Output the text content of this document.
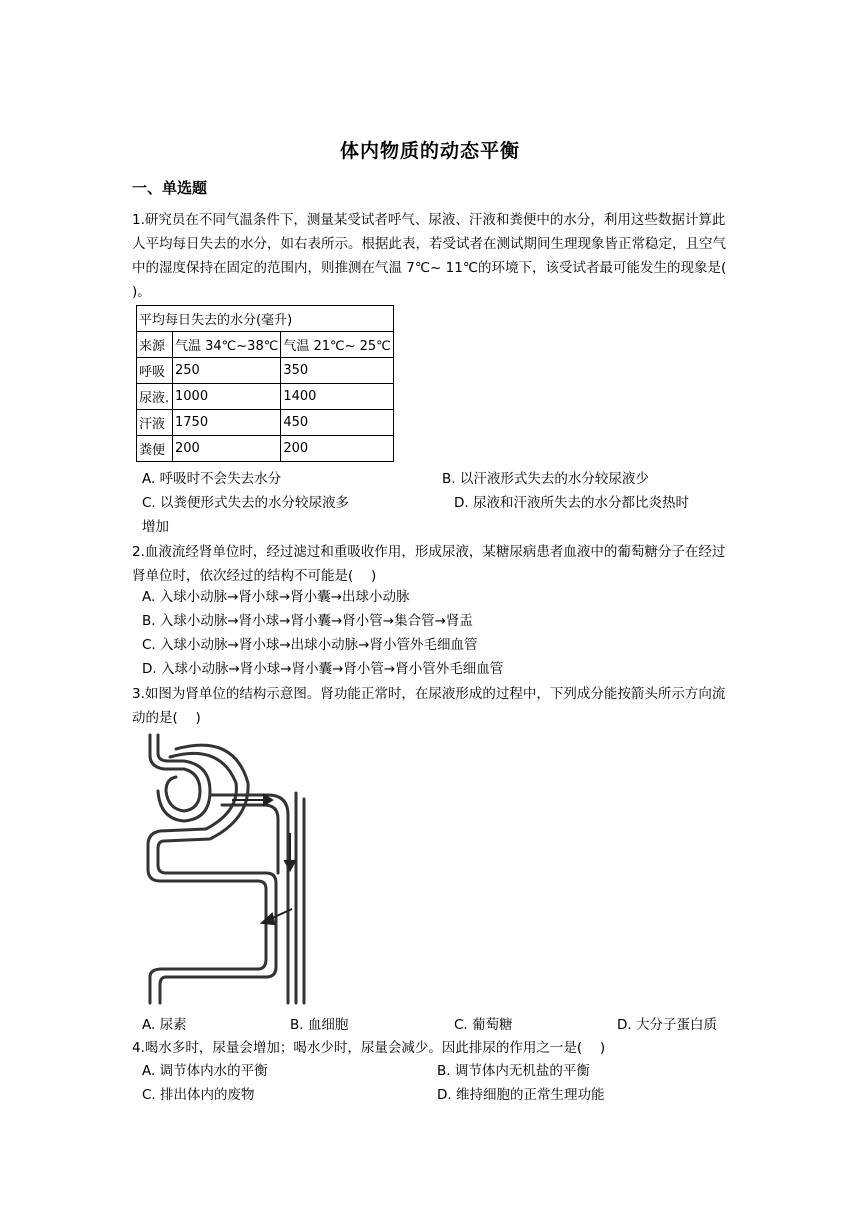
体内物质的动态平衡
一、单选题
1.研究员在不同气温条件下，测量某受试者呼气、尿液、汗液和粪便中的水分，利用这些数据计算此人平均每日失去的水分，如右表所示。根据此表，若受试者在测试期间生理现象皆正常稳定，且空气中的湿度保持在固定的范围内，则推测在气温 7℃~ 11℃的环境下，该受试者最可能发生的现象是(　 )。
平均每日失去的水分(毫升)		
来源	气温 34℃~38℃	气温 21℃~ 25℃
呼吸	250	350
尿液.	1000	1400
汗液	1750	450
粪便	200	200
A. 呼吸时不会失去水分	B. 以汗液形式失去的水分较尿液少
C. 以粪便形式失去的水分较尿液多	D. 尿液和汗液所失去的水分都比炎热时
增加
2.血液流经肾单位时，经过滤过和重吸收作用，形成尿液，某糖尿病患者血液中的葡萄糖分子在经过肾单位时，依次经过的结构不可能是(　 )
A. 入球小动脉→肾小球→肾小囊→出球小动脉
B. 入球小动脉→肾小球→肾小囊→肾小管→集合管→肾盂
C. 入球小动脉→肾小球→出球小动脉→肾小管外毛细血管
D. 入球小动脉→肾小球→肾小囊→肾小管→肾小管外毛细血管
3.如图为肾单位的结构示意图。肾功能正常时，在尿液形成的过程中，下列成分能按箭头所示方向流动的是(　 )
A. 尿素	B. 血细胞	C. 葡萄糖	D. 大分子蛋白质
4.喝水多时，尿量会增加；喝水少时，尿量会减少。因此排尿的作用之一是(　 )
A. 调节体内水的平衡	B. 调节体内无机盐的平衡
C. 排出体内的废物	D. 维持细胞的正常生理功能
